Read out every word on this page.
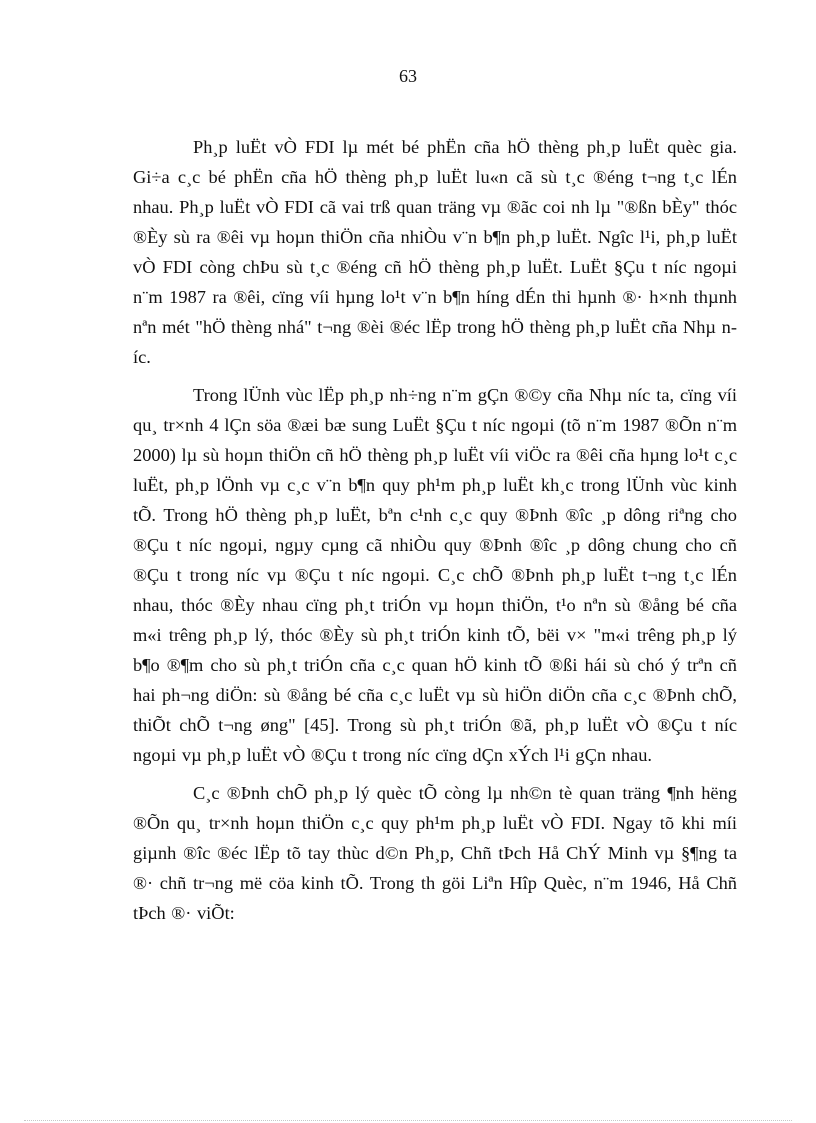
63

Ph¸p luËt vÒ FDI lµ mét bé phËn cña hÖ thèng ph¸p luËt quèc gia. Gi÷a c¸c bé phËn cña hÖ thèng ph¸p luËt lu«n cã sù t¸c ®éng t¬ng t¸c lÉn nhau. Ph¸p luËt vÒ FDI cã vai trß quan träng vµ ®ãc coi nh lµ "®ßn bÈy" thóc ®Èy sù ra ®êi vµ hoµn thiÖn cña nhiÒu v¨n b¶n ph¸p luËt. Ngîc l¹i, ph¸p luËt vÒ FDI còng chÞu sù t¸c ®éng cñ hÖ thèng ph¸p luËt. LuËt §Çu t níc ngoµi n¨m 1987 ra ®êi, cïng víi hµng lo¹t v¨n b¶n híng dÉn thi hµnh ®· h×nh thµnh nªn mét "hÖ thèng nhá" t¬ng ®èi ®éc lËp trong hÖ thèng ph¸p luËt cña Nhµ níc.

Trong lÜnh vùc lËp ph¸p nh÷ng n¨m gÇn ®©y cña Nhµ níc ta, cïng víi qu¸ tr×nh 4 lÇn söa ®æi bæ sung LuËt §Çu t níc ngoµi (tõ n¨m 1987 ®Õn n¨m 2000) lµ sù hoµn thiÖn cñ hÖ thèng ph¸p luËt víi viÖc ra ®êi cña hµng lo¹t c¸c luËt, ph¸p lÖnh vµ c¸c v¨n b¶n quy ph¹m ph¸p luËt kh¸c trong lÜnh vùc kinh tÕ. Trong hÖ thèng ph¸p luËt, bªn c¹nh c¸c quy ®Þnh ®îc ¸p dông riªng cho ®Çu t níc ngoµi, ngµy cµng cã nhiÒu quy ®Þnh ®îc ¸p dông chung cho cñ ®Çu t trong níc vµ ®Çu t níc ngoµi. C¸c chÕ ®Þnh ph¸p luËt t¬ng t¸c lÉn nhau, thóc ®Èy nhau cïng ph¸t triÓn vµ hoµn thiÖn, t¹o nªn sù ®ång bé cña m«i trêng ph¸p lý, thóc ®Èy sù ph¸t triÓn kinh tÕ, bëi v× "m«i trêng ph¸p lý b¶o ®¶m cho sù ph¸t triÓn cña c¸c quan hÖ kinh tÕ ®ßi hái sù chó ý trªn cñ hai ph¬ng diÖn: sù ®ång bé cña c¸c luËt vµ sù hiÖn diÖn cña c¸c ®Þnh chÕ, thiÕt chÕ t¬ng øng" [45]. Trong sù ph¸t triÓn ®ã, ph¸p luËt vÒ ®Çu t níc ngoµi vµ ph¸p luËt vÒ ®Çu t trong níc cïng dÇn xÝch l¹i gÇn nhau.

C¸c ®Þnh chÕ ph¸p lý quèc tÕ còng lµ nh©n tè quan träng ¶nh hëng ®Õn qu¸ tr×nh hoµn thiÖn c¸c quy ph¹m ph¸p luËt vÒ FDI. Ngay tõ khi míi giµnh ®îc ®éc lËp tõ tay thùc d©n Ph¸p, Chñ tÞch Hå ChÝ Minh vµ §¶ng ta ®· chñ tr¬ng më cöa kinh tÕ. Trong th göi Liªn Hîp Quèc, n¨m 1946, Hå Chñ tÞch ®· viÕt:
